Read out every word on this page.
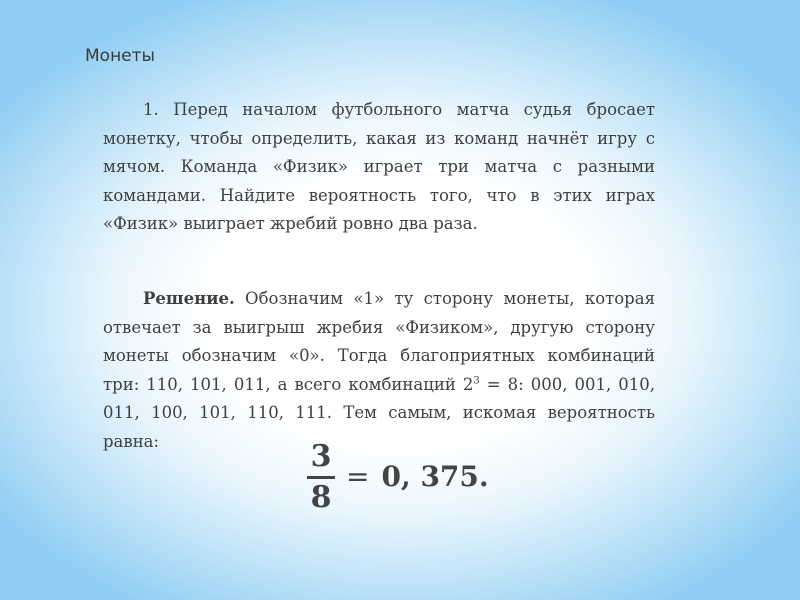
Монеты

1. Перед началом футбольного матча судья бросает монетку, чтобы определить, какая из команд начнёт игру с мячом. Команда «Физик» играет три матча с разными командами. Найдите вероятность того, что в этих играх «Физик» выиграет жребий ровно два раза.

Решение. Обозначим «1» ту сторону монеты, которая отвечает за выигрыш жребия «Физиком», другую сторону монеты обозначим «0». Тогда благоприятных комбинаций три: 110, 101, 011, а всего комбинаций $2^3 = 8$: 000, 001, 010, 011, 100, 101, 110, 111. Тем самым, искомая вероятность равна:	$\frac{3}{8} = 0$, 375.
